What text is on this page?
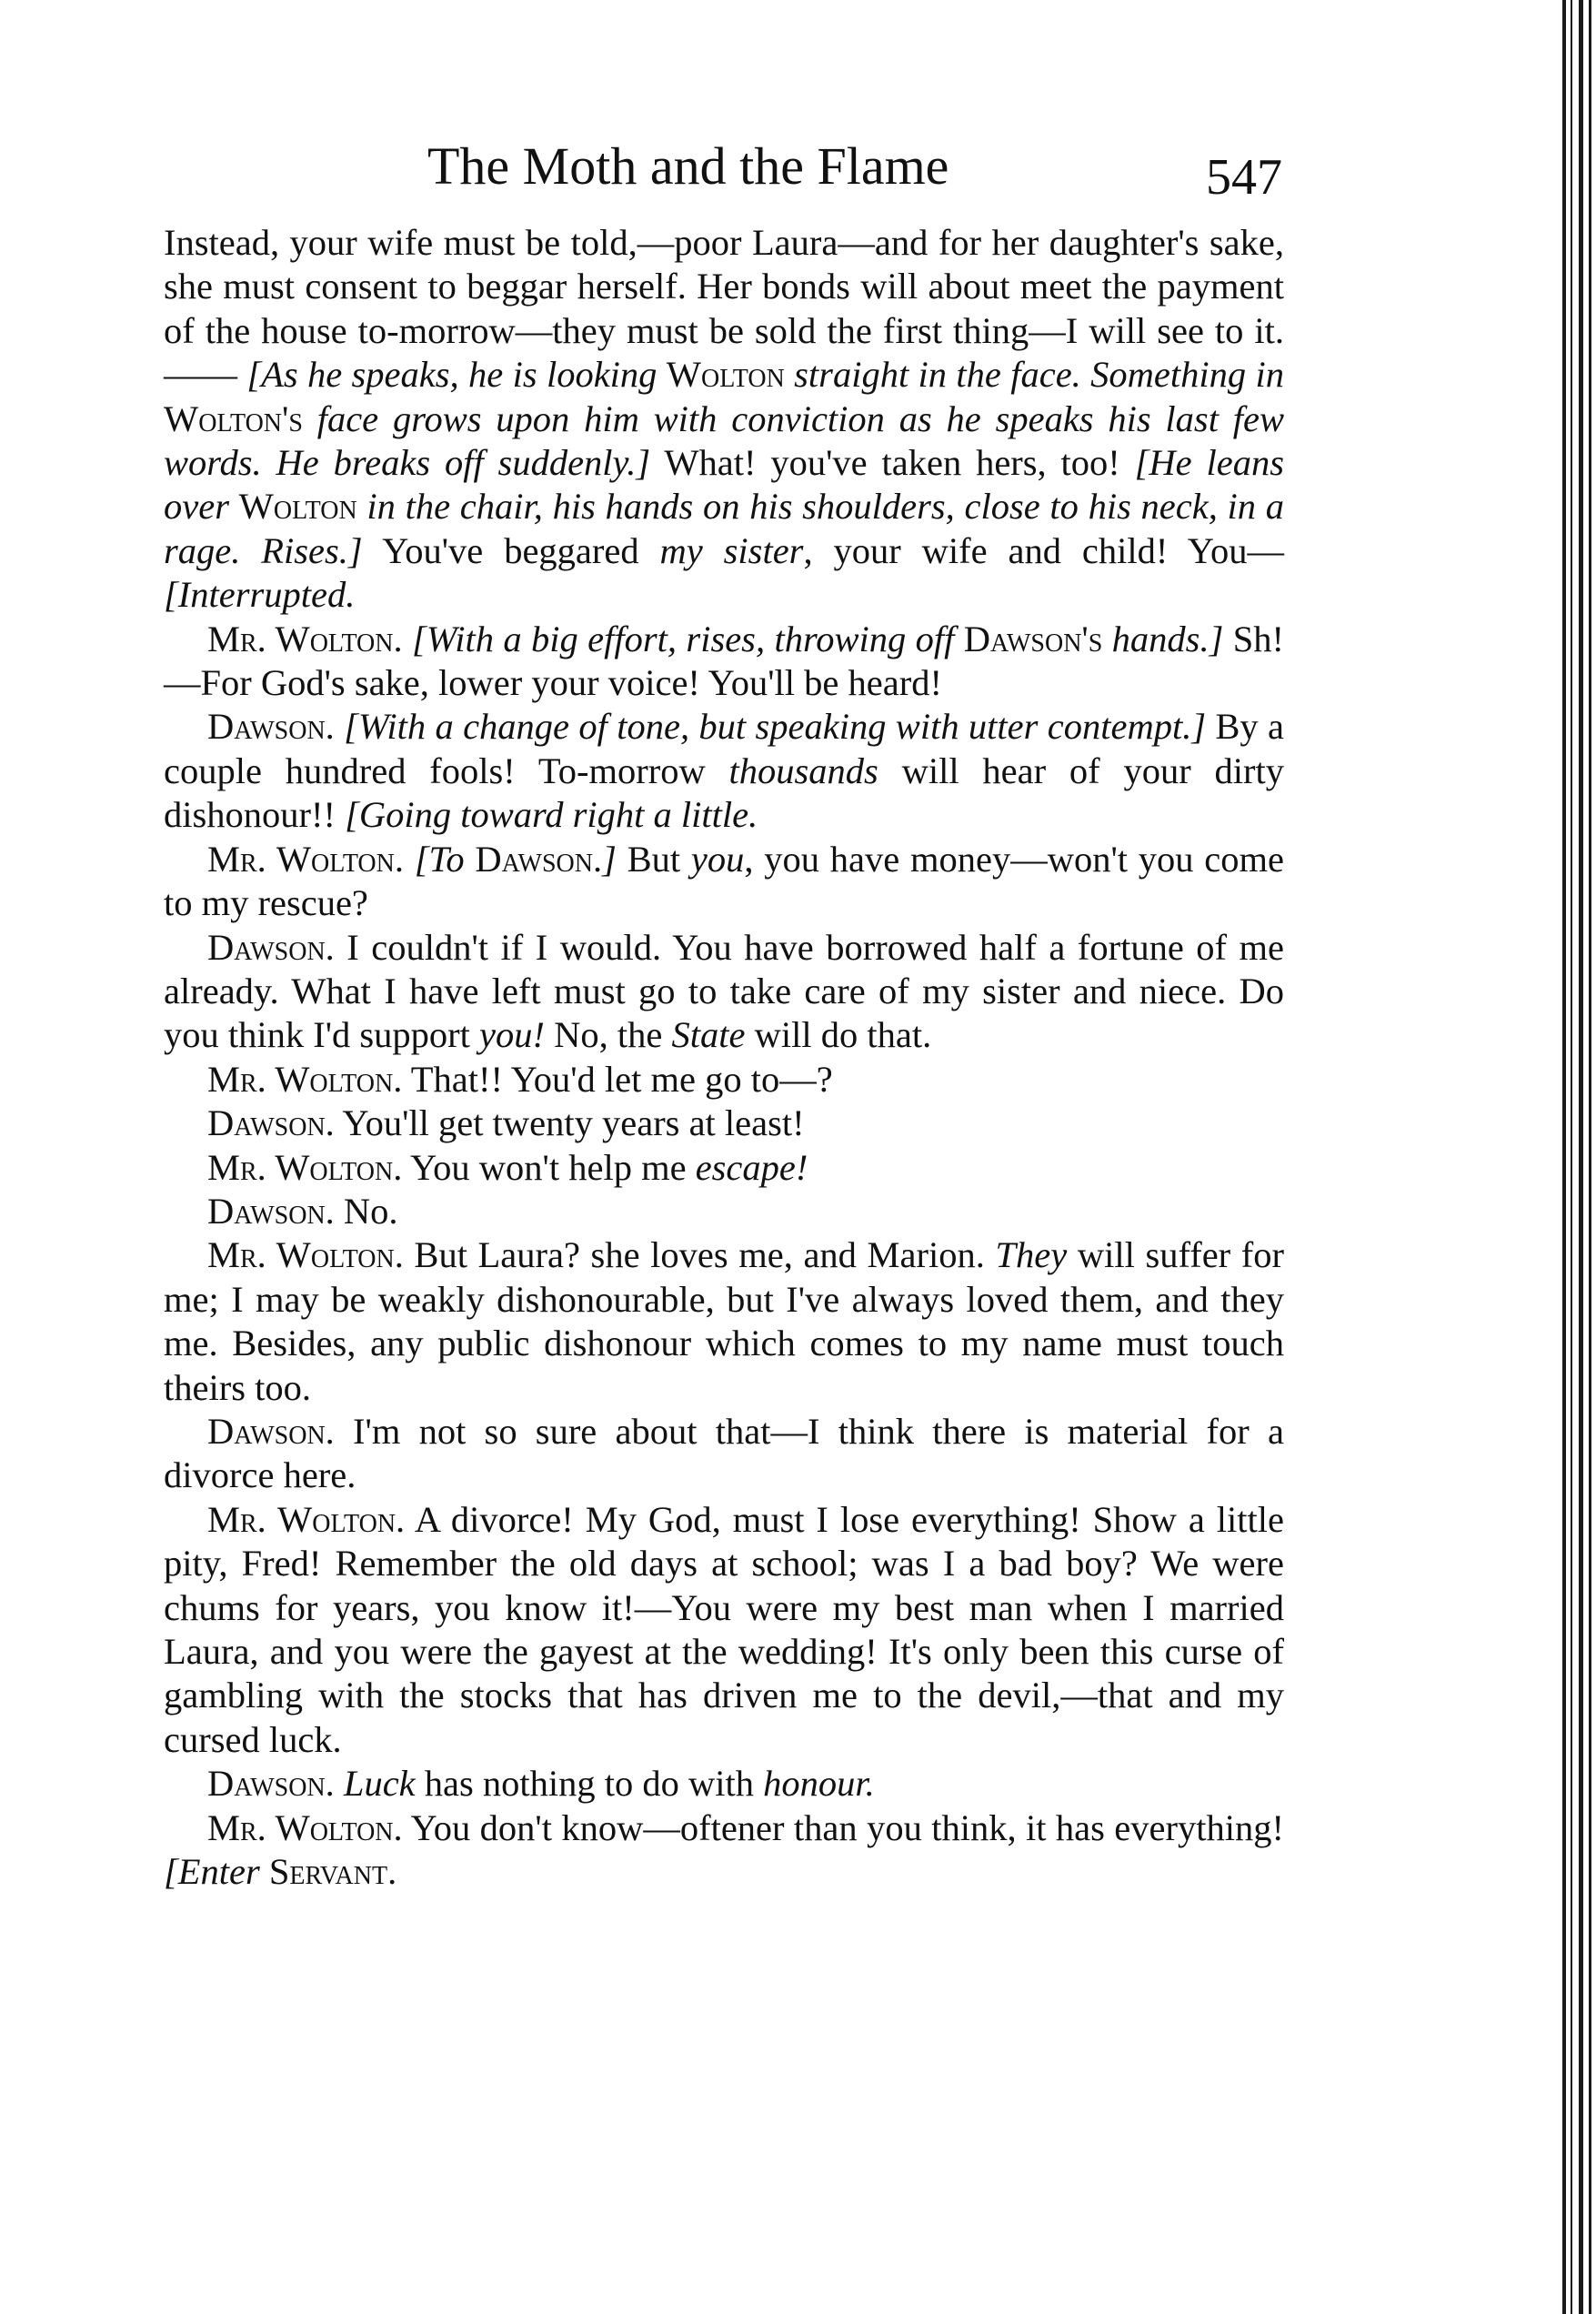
The Moth and the Flame	547

Instead, your wife must be told,—poor Laura—and for her daughter's sake, she must consent to beggar herself. Her bonds will about meet the payment of the house to-morrow—they must be sold the first thing—I will see to it.—— [As he speaks, he is looking Wolton straight in the face. Something in Wolton's face grows upon him with conviction as he speaks his last few words. He breaks off suddenly.] What! you've taken hers, too! [He leans over Wolton in the chair, his hands on his shoulders, close to his neck, in a rage. Rises.] You've beggared my sister, your wife and child! You— [Interrupted.

Mr. Wolton. [With a big effort, rises, throwing off Dawson's hands.] Sh!—For God's sake, lower your voice! You'll be heard!

Dawson. [With a change of tone, but speaking with utter contempt.] By a couple hundred fools! To-morrow thousands will hear of your dirty dishonour!! [Going toward right a little.

Mr. Wolton. [To Dawson.] But you, you have money—won't you come to my rescue?

Dawson. I couldn't if I would. You have borrowed half a fortune of me already. What I have left must go to take care of my sister and niece. Do you think I'd support you! No, the State will do that.

Mr. Wolton. That!! You'd let me go to—?

Dawson. You'll get twenty years at least!

Mr. Wolton. You won't help me escape!

Dawson. No.

Mr. Wolton. But Laura? she loves me, and Marion. They will suffer for me; I may be weakly dishonourable, but I've always loved them, and they me. Besides, any public dishonour which comes to my name must touch theirs too.

Dawson. I'm not so sure about that—I think there is material for a divorce here.

Mr. Wolton. A divorce! My God, must I lose everything! Show a little pity, Fred! Remember the old days at school; was I a bad boy? We were chums for years, you know it!—You were my best man when I married Laura, and you were the gayest at the wedding! It's only been this curse of gambling with the stocks that has driven me to the devil,—that and my cursed luck.

Dawson. Luck has nothing to do with honour.

Mr. Wolton. You don't know—oftener than you think, it has everything! [Enter Servant.
